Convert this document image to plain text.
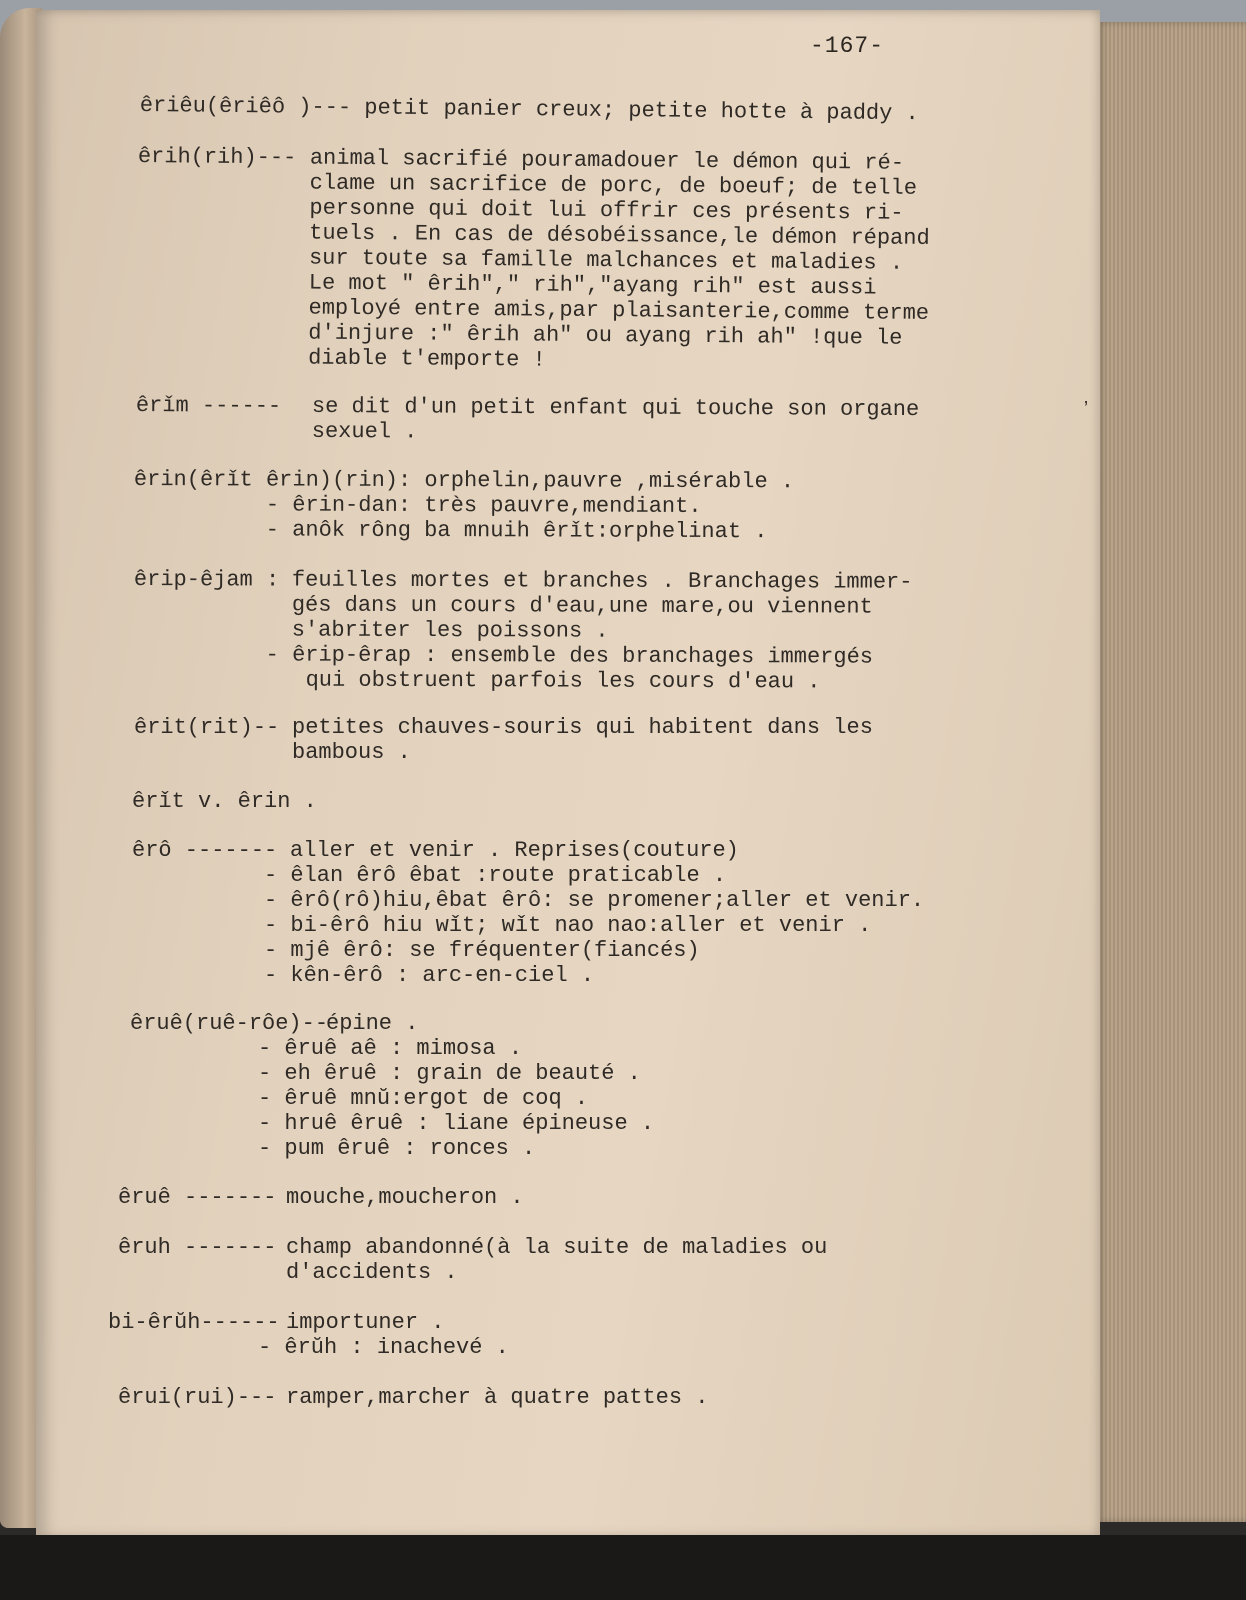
-167-
ʼ
êriêu(êriêô )--- petit panier creux; petite hotte à paddy .
êrih(rih)--- animal sacrifié pouramadouer le démon qui ré-
clame un sacrifice de porc, de boeuf; de telle
personne qui doit lui offrir ces présents ri-
tuels . En cas de désobéissance,le démon répand
sur toute sa famille malchances et maladies .
Le mot " êrih"," rih","ayang rih" est aussi
employé entre amis,par plaisanterie,comme terme
d'injure :" êrih ah" ou ayang rih ah" !que le
diable t'emporte !
êrǐm ------ se dit d'un petit enfant qui touche son organe
sexuel .
êrin(êrǐt êrin)(rin): orphelin,pauvre ,misérable .
- êrin-dan: très pauvre,mendiant.
- anôk rông ba mnuih êrǐt:orphelinat .
êrip-êjam : feuilles mortes et branches . Branchages immer-
gés dans un cours d'eau,une mare,ou viennent
s'abriter les poissons .
- êrip-êrap : ensemble des branchages immergés
qui obstruent parfois les cours d'eau .
êrit(rit)-- petites chauves-souris qui habitent dans les
bambous .
êrǐt v. êrin .
êrô ------- aller et venir . Reprises(couture)
- êlan êrô êbat :route praticable .
- êrô(rô)hiu,êbat êrô: se promener;aller et venir.
- bi-êrô hiu wǐt; wǐt nao nao:aller et venir .
- mjê êrô: se fréquenter(fiancés)
- kên-êrô : arc-en-ciel .
êruê(ruê-rôe)--épine .
- êruê aê : mimosa .
- eh êruê : grain de beauté .
- êruê mnŭ:ergot de coq .
- hruê êruê : liane épineuse .
- pum êruê : ronces .
êruê ------- mouche,moucheron .
êruh ------- champ abandonné(à la suite de maladies ou
d'accidents .
bi-êrŭh------ importuner .
- êrŭh : inachevé .
êrui(rui)--- ramper,marcher à quatre pattes .
